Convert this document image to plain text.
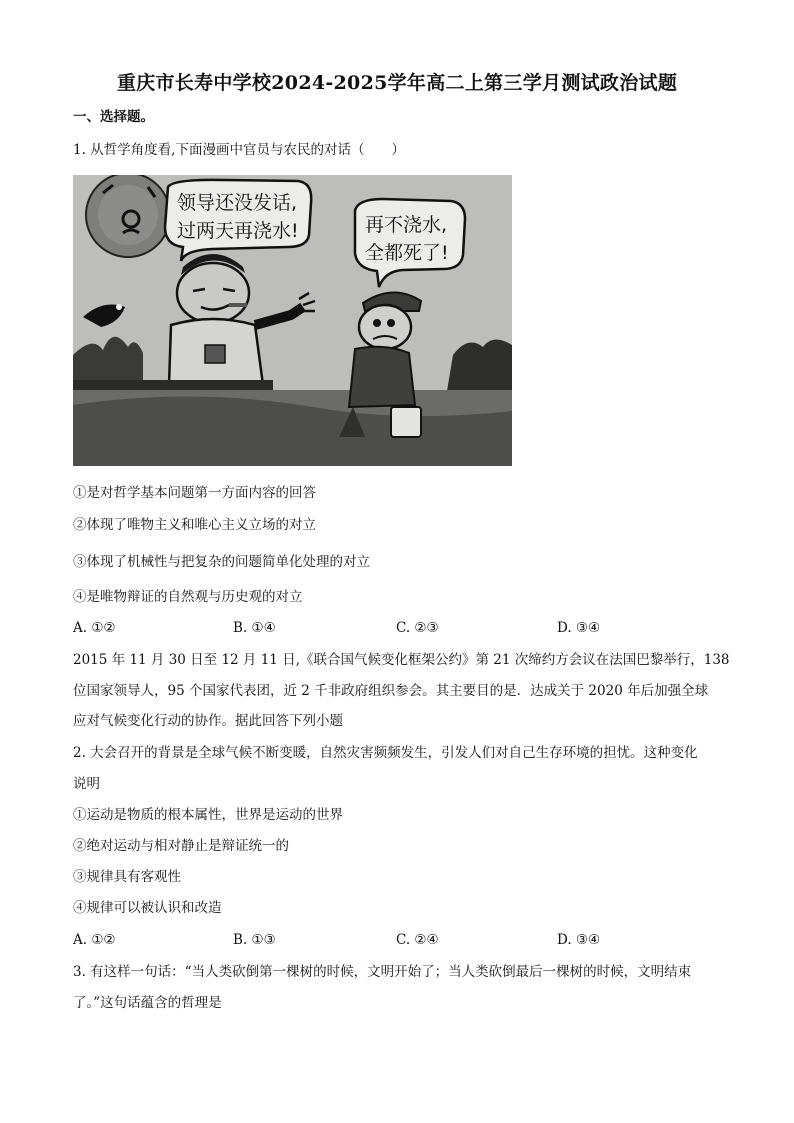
重庆市长寿中学校2024-2025学年高二上第三学月测试政治试题
一、选择题。
1. 从哲学角度看,下面漫画中官员与农民的对话（　　）
领导还没发话,
过两天再浇水!	再不浇水,
全都死了!
①是对哲学基本问题第一方面内容的回答
②体现了唯物主义和唯心主义立场的对立
③体现了机械性与把复杂的问题简单化处理的对立
④是唯物辩证的自然观与历史观的对立
A. ①②	B. ①④	C. ②③	D. ③④
2015 年 11 月 30 日至 12 月 11 日,《联合国气候变化框架公约》第 21 次缔约方会议在法国巴黎举行，138
位国家领导人，95 个国家代表团，近 2 千非政府组织参会。其主要目的是．达成关于 2020 年后加强全球
应对气候变化行动的协作。据此回答下列小题
2. 大会召开的背景是全球气候不断变暖，自然灾害频频发生，引发人们对自己生存环境的担忧。这种变化
说明
①运动是物质的根本属性，世界是运动的世界
②绝对运动与相对静止是辩证统一的
③规律具有客观性
④规律可以被认识和改造
A. ①②	B. ①③	C. ②④	D. ③④
3. 有这样一句话：“当人类砍倒第一棵树的时候，文明开始了；当人类砍倒最后一棵树的时候，文明结束
了。”这句话蕴含的哲理是
